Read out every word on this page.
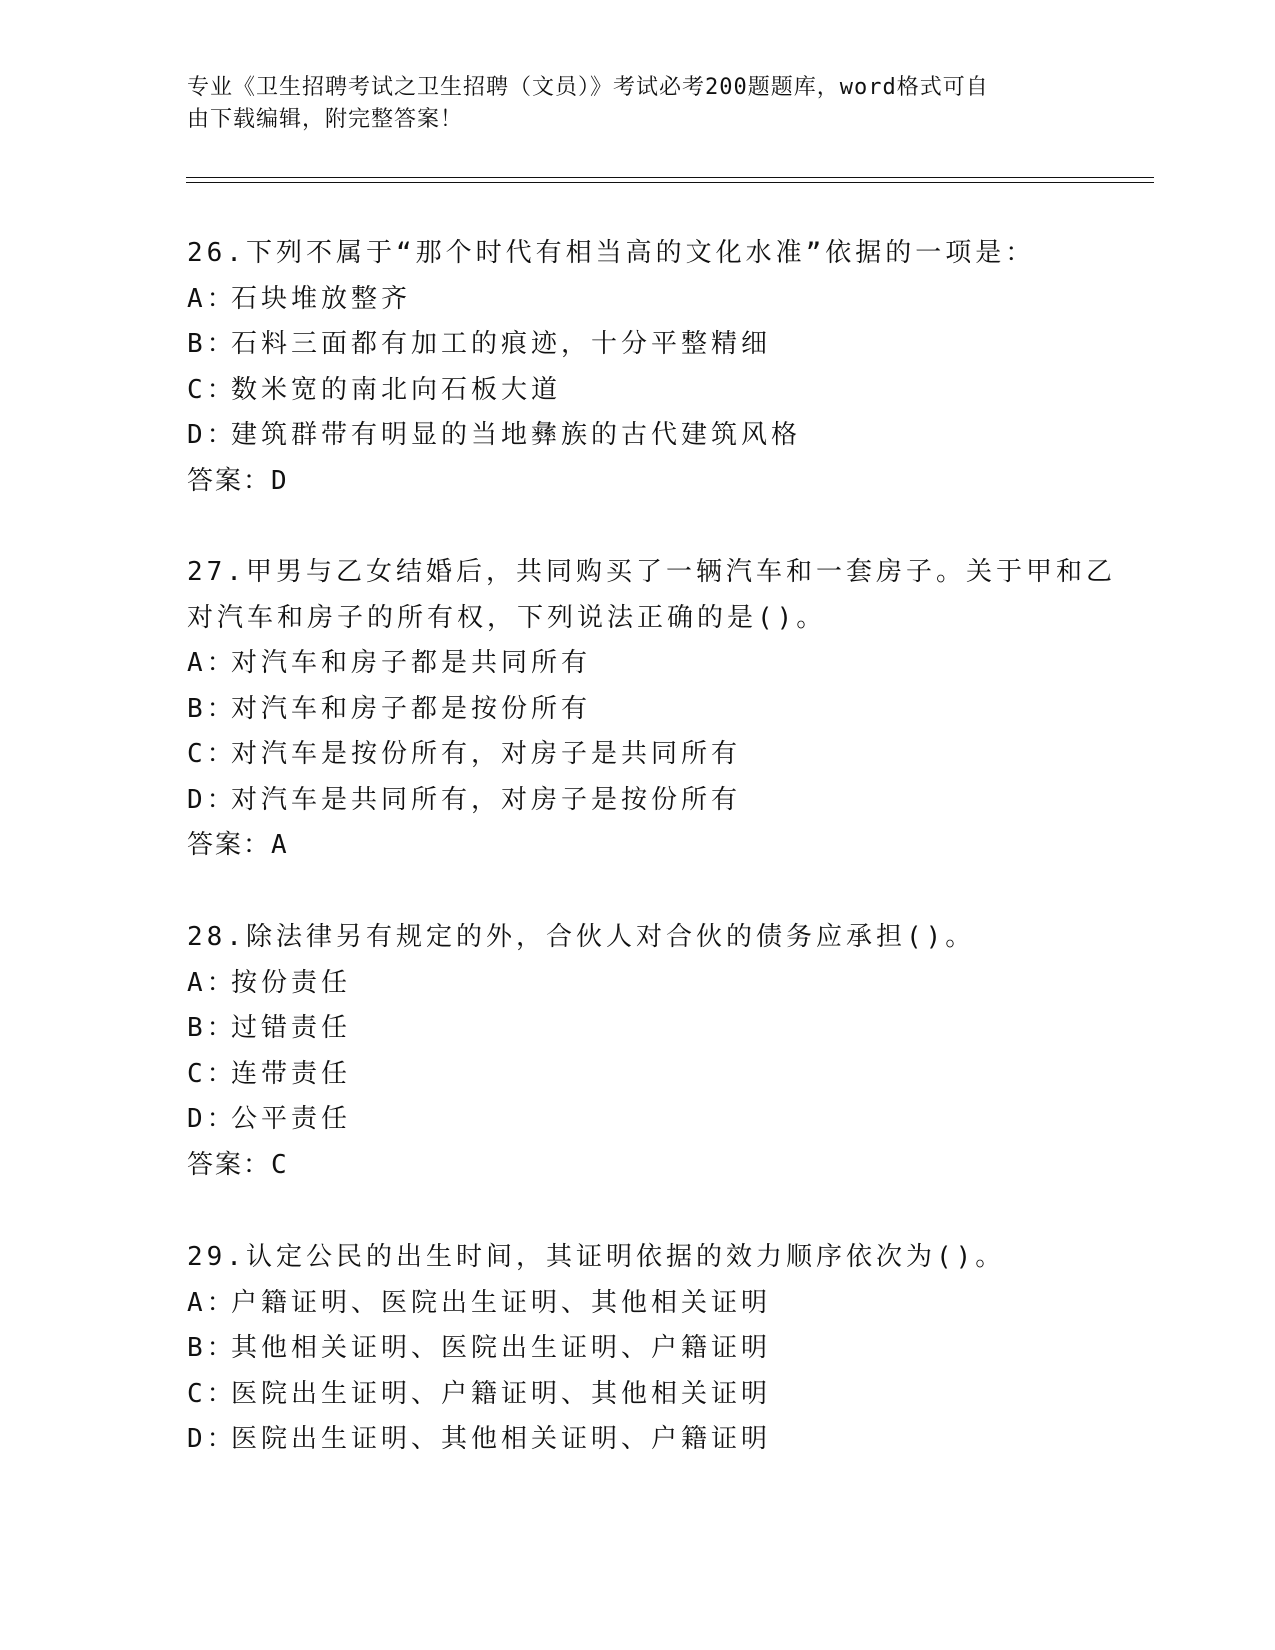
专业《卫生招聘考试之卫生招聘（文员）》考试必考200题题库，word格式可自
由下载编辑，附完整答案！
26.下列不属于“那个时代有相当高的文化水准”依据的一项是：
A：石块堆放整齐
B：石料三面都有加工的痕迹，十分平整精细
C：数米宽的南北向石板大道
D：建筑群带有明显的当地彝族的古代建筑风格
答案：D
27.甲男与乙女结婚后，共同购买了一辆汽车和一套房子。关于甲和乙
对汽车和房子的所有权，下列说法正确的是()。
A：对汽车和房子都是共同所有
B：对汽车和房子都是按份所有
C：对汽车是按份所有，对房子是共同所有
D：对汽车是共同所有，对房子是按份所有
答案：A
28.除法律另有规定的外，合伙人对合伙的债务应承担()。
A：按份责任
B：过错责任
C：连带责任
D：公平责任
答案：C
29.认定公民的出生时间，其证明依据的效力顺序依次为()。
A：户籍证明、医院出生证明、其他相关证明
B：其他相关证明、医院出生证明、户籍证明
C：医院出生证明、户籍证明、其他相关证明
D：医院出生证明、其他相关证明、户籍证明
